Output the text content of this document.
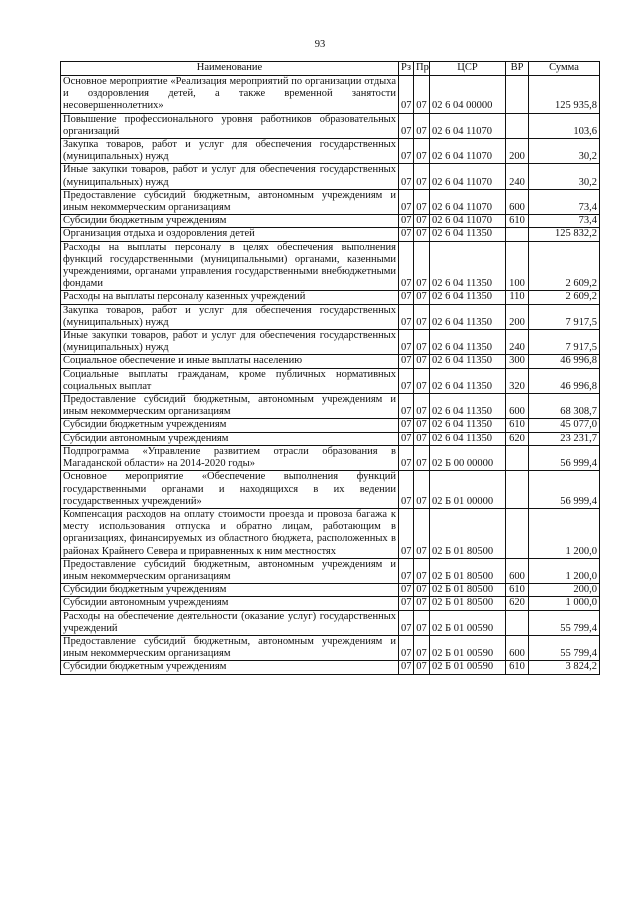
93
Наименование	Рз	Пр	ЦСР	ВР	Сумма
Основное мероприятие «Реализация мероприятий по организации отдыха и оздоровления детей, а также временной занятости несовершеннолетних»	07	07	02 6 04 00000		125 935,8
Повышение профессионального уровня работников образовательных организаций	07	07	02 6 04 11070		103,6
Закупка товаров, работ и услуг для обеспечения государственных (муниципальных) нужд	07	07	02 6 04 11070	200	30,2
Иные закупки товаров, работ и услуг для обеспечения государственных (муниципальных) нужд	07	07	02 6 04 11070	240	30,2
Предоставление субсидий бюджетным, автономным учреждениям и иным некоммерческим организациям	07	07	02 6 04 11070	600	73,4
Субсидии бюджетным учреждениям	07	07	02 6 04 11070	610	73,4
Организация отдыха и оздоровления детей	07	07	02 6 04 11350		125 832,2
Расходы на выплаты персоналу в целях обеспечения выполнения функций государственными (муниципальными) органами, казенными учреждениями, органами управления государственными внебюджетными фондами	07	07	02 6 04 11350	100	2 609,2
Расходы на выплаты персоналу казенных учреждений	07	07	02 6 04 11350	110	2 609,2
Закупка товаров, работ и услуг для обеспечения государственных (муниципальных) нужд	07	07	02 6 04 11350	200	7 917,5
Иные закупки товаров, работ и услуг для обеспечения государственных (муниципальных) нужд	07	07	02 6 04 11350	240	7 917,5
Социальное обеспечение и иные выплаты населению	07	07	02 6 04 11350	300	46 996,8
Социальные выплаты гражданам, кроме публичных нормативных социальных выплат	07	07	02 6 04 11350	320	46 996,8
Предоставление субсидий бюджетным, автономным учреждениям и иным некоммерческим организациям	07	07	02 6 04 11350	600	68 308,7
Субсидии бюджетным учреждениям	07	07	02 6 04 11350	610	45 077,0
Субсидии автономным учреждениям	07	07	02 6 04 11350	620	23 231,7
Подпрограмма «Управление развитием отрасли образования в Магаданской области» на 2014-2020 годы»	07	07	02 Б 00 00000		56 999,4
Основное мероприятие «Обеспечение выполнения функций государственными органами и находящихся в их ведении государственных учреждений»	07	07	02 Б 01 00000		56 999,4
Компенсация расходов на оплату стоимости проезда и провоза багажа к месту использования отпуска и обратно лицам, работающим в организациях, финансируемых из областного бюджета, расположенных в районах Крайнего Севера и приравненных к ним местностях	07	07	02 Б 01 80500		1 200,0
Предоставление субсидий бюджетным, автономным учреждениям и иным некоммерческим организациям	07	07	02 Б 01 80500	600	1 200,0
Субсидии бюджетным учреждениям	07	07	02 Б 01 80500	610	200,0
Субсидии автономным учреждениям	07	07	02 Б 01 80500	620	1 000,0
Расходы на обеспечение деятельности (оказание услуг) государственных учреждений	07	07	02 Б 01 00590		55 799,4
Предоставление субсидий бюджетным, автономным учреждениям и иным некоммерческим организациям	07	07	02 Б 01 00590	600	55 799,4
Субсидии бюджетным учреждениям	07	07	02 Б 01 00590	610	3 824,2
